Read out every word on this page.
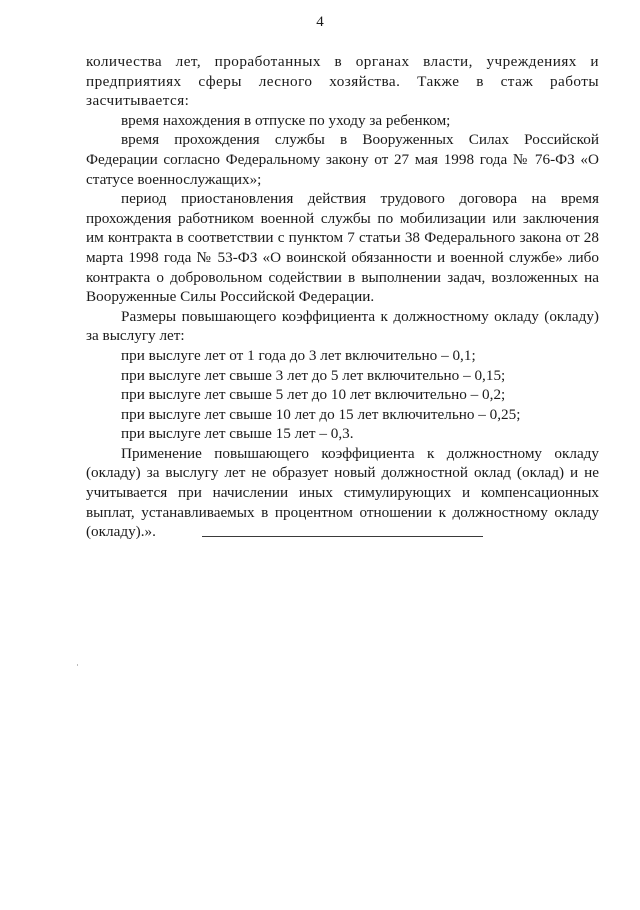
4

количества лет, проработанных в органах власти, учреждениях и предприятиях сферы лесного хозяйства. Также в стаж работы засчитывается:

время нахождения в отпуске по уходу за ребенком;

время прохождения службы в Вооруженных Силах Российской Федерации согласно Федеральному закону от 27 мая 1998 года № 76-ФЗ «О статусе военнослужащих»;

период приостановления действия трудового договора на время прохождения работником военной службы по мобилизации или заключения им контракта в соответствии с пунктом 7 статьи 38 Федерального закона от 28 марта 1998 года № 53-ФЗ «О воинской обязанности и военной службе» либо контракта о добровольном содействии в выполнении задач, возложенных на Вооруженные Силы Российской Федерации.

Размеры повышающего коэффициента к должностному окладу (окладу) за выслугу лет:

при выслуге лет от 1 года до 3 лет включительно – 0,1;

при выслуге лет свыше 3 лет до 5 лет включительно – 0,15;

при выслуге лет свыше 5 лет до 10 лет включительно – 0,2;

при выслуге лет свыше 10 лет до 15 лет включительно – 0,25;

при выслуге лет свыше 15 лет – 0,3.

Применение повышающего коэффициента к должностному окладу (окладу) за выслугу лет не образует новый должностной оклад (оклад) и не учитывается при начислении иных стимулирующих и компенсационных выплат, устанавливаемых в процентном отношении к должностному окладу (окладу).».
